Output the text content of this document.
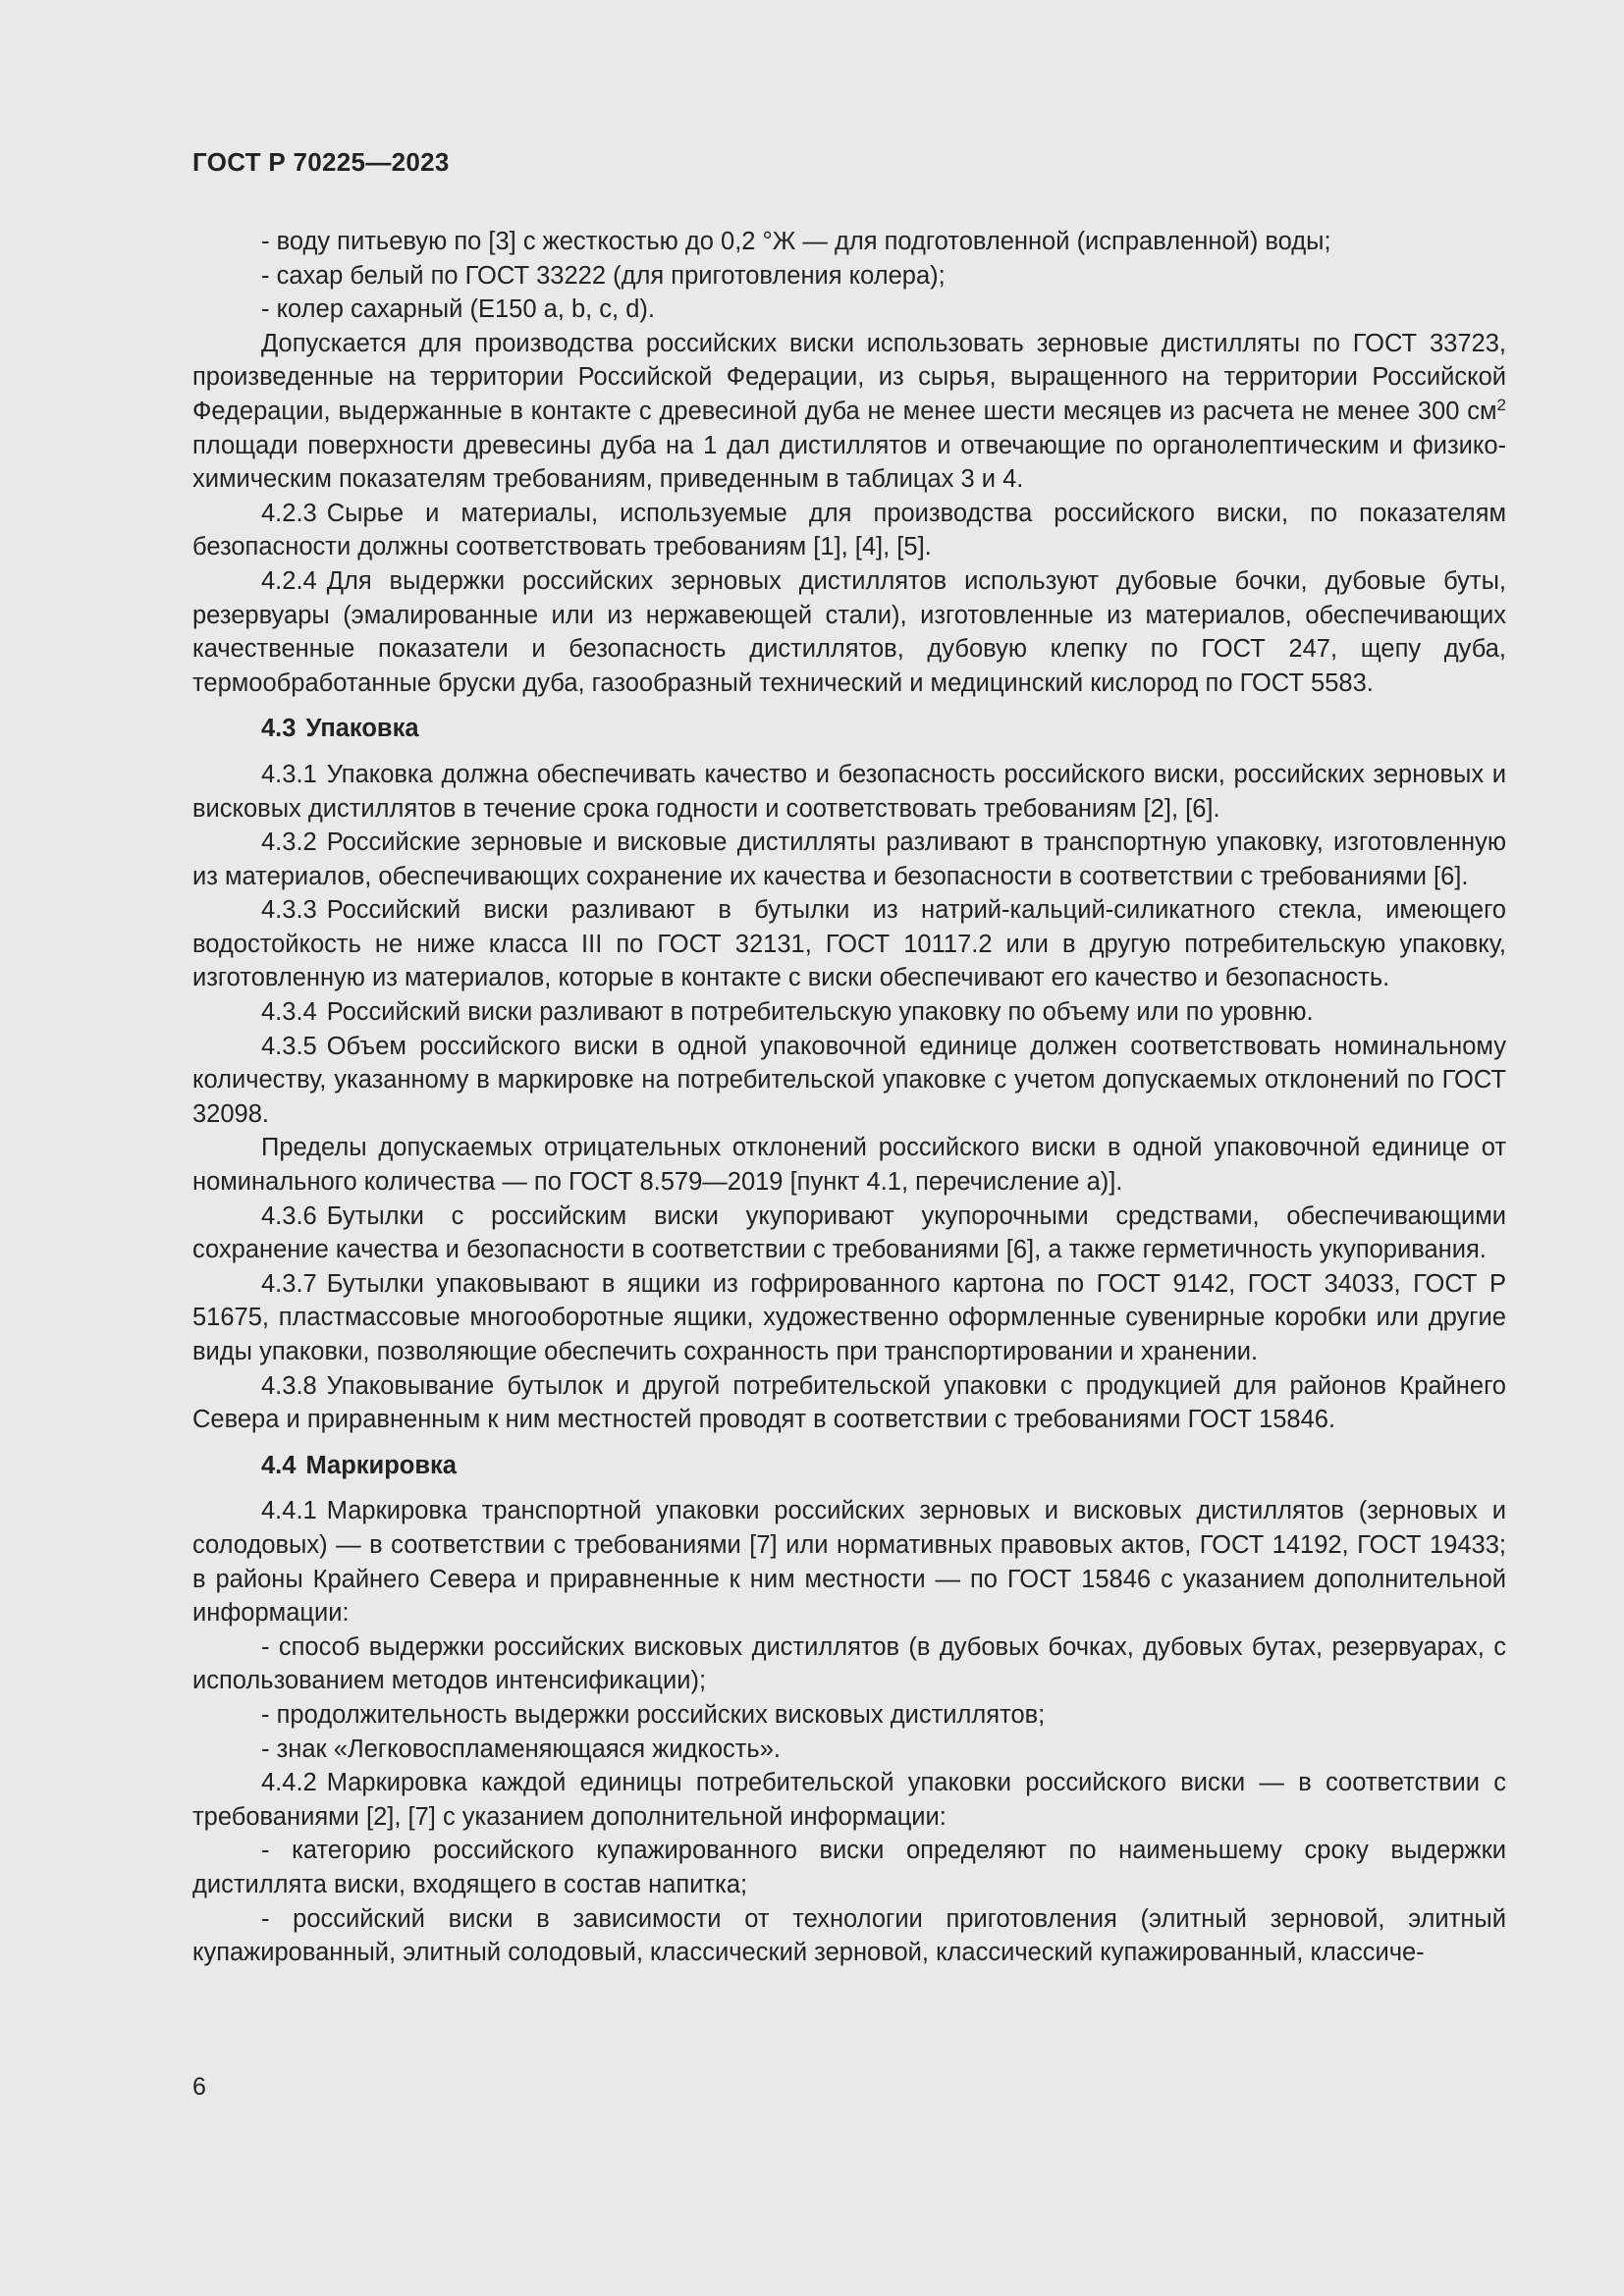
ГОСТ Р 70225—2023

- воду питьевую по [3] с жесткостью до 0,2 °Ж — для подготовленной (исправленной) воды;

- сахар белый по ГОСТ 33222 (для приготовления колера);

- колер сахарный (Е150 a, b, c, d).

Допускается для производства российских виски использовать зерновые дистилляты по ГОСТ 33723, произведенные на территории Российской Федерации, из сырья, выращенного на территории Российской Федерации, выдержанные в контакте с древесиной дуба не менее шести месяцев из расчета не менее 300 $см^2$ площади поверхности древесины дуба на 1 дал дистиллятов и отвечающие по органолептическим и физико-химическим показателям требованиям, приведенным в таблицах 3 и 4.

4.2.3 Сырье и материалы, используемые для производства российского виски, по показателям безопасности должны соответствовать требованиям [1], [4], [5].

4.2.4 Для выдержки российских зерновых дистиллятов используют дубовые бочки, дубовые буты, резервуары (эмалированные или из нержавеющей стали), изготовленные из материалов, обеспечивающих качественные показатели и безопасность дистиллятов, дубовую клепку по ГОСТ 247, щепу дуба, термообработанные бруски дуба, газообразный технический и медицинский кислород по ГОСТ 5583.

4.3 Упаковка

4.3.1 Упаковка должна обеспечивать качество и безопасность российского виски, российских зерновых и висковых дистиллятов в течение срока годности и соответствовать требованиям [2], [6].

4.3.2 Российские зерновые и висковые дистилляты разливают в транспортную упаковку, изготовленную из материалов, обеспечивающих сохранение их качества и безопасности в соответствии с требованиями [6].

4.3.3 Российский виски разливают в бутылки из натрий-кальций-силикатного стекла, имеющего водостойкость не ниже класса III по ГОСТ 32131, ГОСТ 10117.2 или в другую потребительскую упаковку, изготовленную из материалов, которые в контакте с виски обеспечивают его качество и безопасность.

4.3.4 Российский виски разливают в потребительскую упаковку по объему или по уровню.

4.3.5 Объем российского виски в одной упаковочной единице должен соответствовать номинальному количеству, указанному в маркировке на потребительской упаковке с учетом допускаемых отклонений по ГОСТ 32098.

Пределы допускаемых отрицательных отклонений российского виски в одной упаковочной единице от номинального количества — по ГОСТ 8.579—2019 [пункт 4.1, перечисление а)].

4.3.6 Бутылки с российским виски укупоривают укупорочными средствами, обеспечивающими сохранение качества и безопасности в соответствии с требованиями [6], а также герметичность укупоривания.

4.3.7 Бутылки упаковывают в ящики из гофрированного картона по ГОСТ 9142, ГОСТ 34033, ГОСТ Р 51675, пластмассовые многооборотные ящики, художественно оформленные сувенирные коробки или другие виды упаковки, позволяющие обеспечить сохранность при транспортировании и хранении.

4.3.8 Упаковывание бутылок и другой потребительской упаковки с продукцией для районов Крайнего Севера и приравненным к ним местностей проводят в соответствии с требованиями ГОСТ 15846.

4.4 Маркировка

4.4.1 Маркировка транспортной упаковки российских зерновых и висковых дистиллятов (зерновых и солодовых) — в соответствии с требованиями [7] или нормативных правовых актов, ГОСТ 14192, ГОСТ 19433; в районы Крайнего Севера и приравненные к ним местности — по ГОСТ 15846 с указанием дополнительной информации:

- способ выдержки российских висковых дистиллятов (в дубовых бочках, дубовых бутах, резервуарах, с использованием методов интенсификации);

- продолжительность выдержки российских висковых дистиллятов;

- знак «Легковоспламеняющаяся жидкость».

4.4.2 Маркировка каждой единицы потребительской упаковки российского виски — в соответствии с требованиями [2], [7] с указанием дополнительной информации:

- категорию российского купажированного виски определяют по наименьшему сроку выдержки дистиллята виски, входящего в состав напитка;

- российский виски в зависимости от технологии приготовления (элитный зерновой, элитный купажированный, элитный солодовый, классический зерновой, классический купажированный, классиче-

6
